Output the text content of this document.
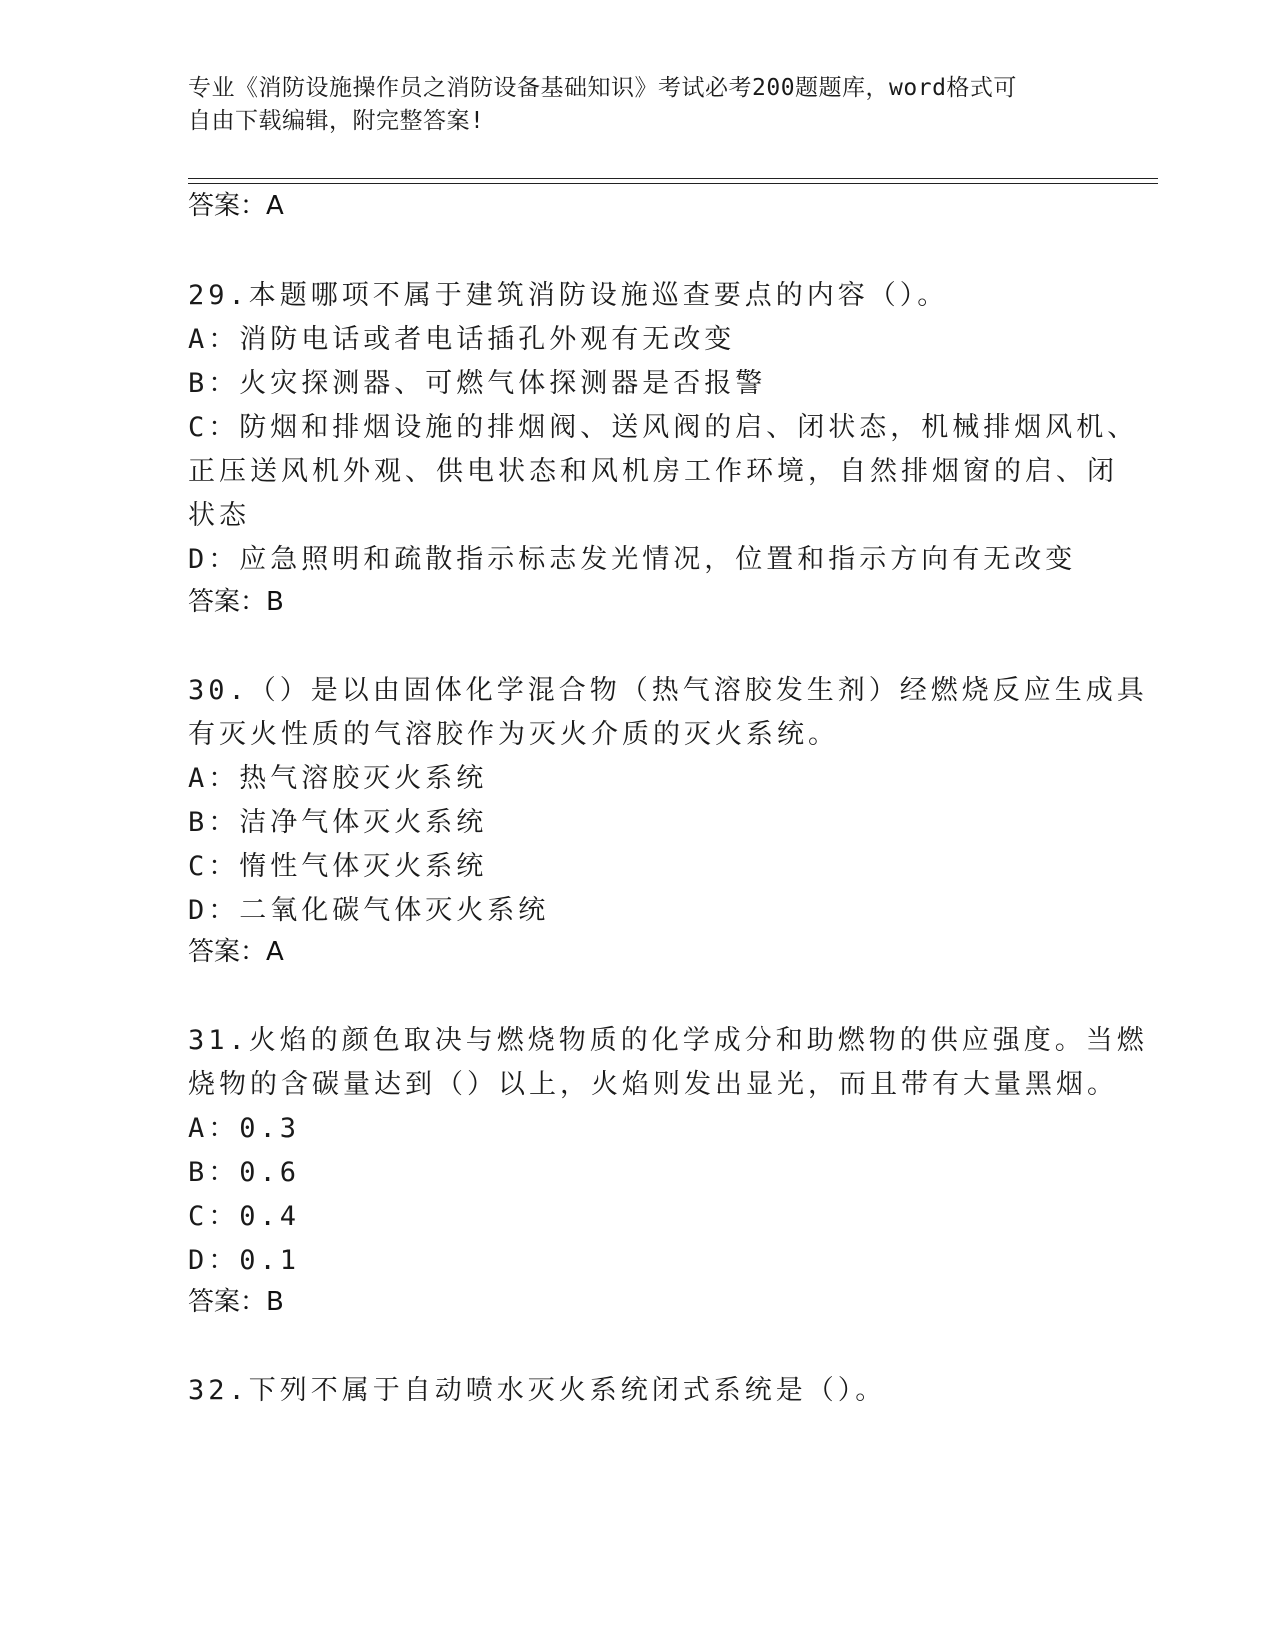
专业《消防设施操作员之消防设备基础知识》考试必考200题题库，word格式可
自由下载编辑，附完整答案!
答案：A
29.本题哪项不属于建筑消防设施巡查要点的内容（）。
A：消防电话或者电话插孔外观有无改变
B：火灾探测器、可燃气体探测器是否报警
C：防烟和排烟设施的排烟阀、送风阀的启、闭状态，机械排烟风机、
正压送风机外观、供电状态和风机房工作环境，自然排烟窗的启、闭
状态
D：应急照明和疏散指示标志发光情况，位置和指示方向有无改变
答案：B
30.（）是以由固体化学混合物（热气溶胶发生剂）经燃烧反应生成具
有灭火性质的气溶胶作为灭火介质的灭火系统。
A：热气溶胶灭火系统
B：洁净气体灭火系统
C：惰性气体灭火系统
D：二氧化碳气体灭火系统
答案：A
31.火焰的颜色取决与燃烧物质的化学成分和助燃物的供应强度。当燃
烧物的含碳量达到（）以上，火焰则发出显光，而且带有大量黑烟。
A：0.3
B：0.6
C：0.4
D：0.1
答案：B
32.下列不属于自动喷水灭火系统闭式系统是（）。
